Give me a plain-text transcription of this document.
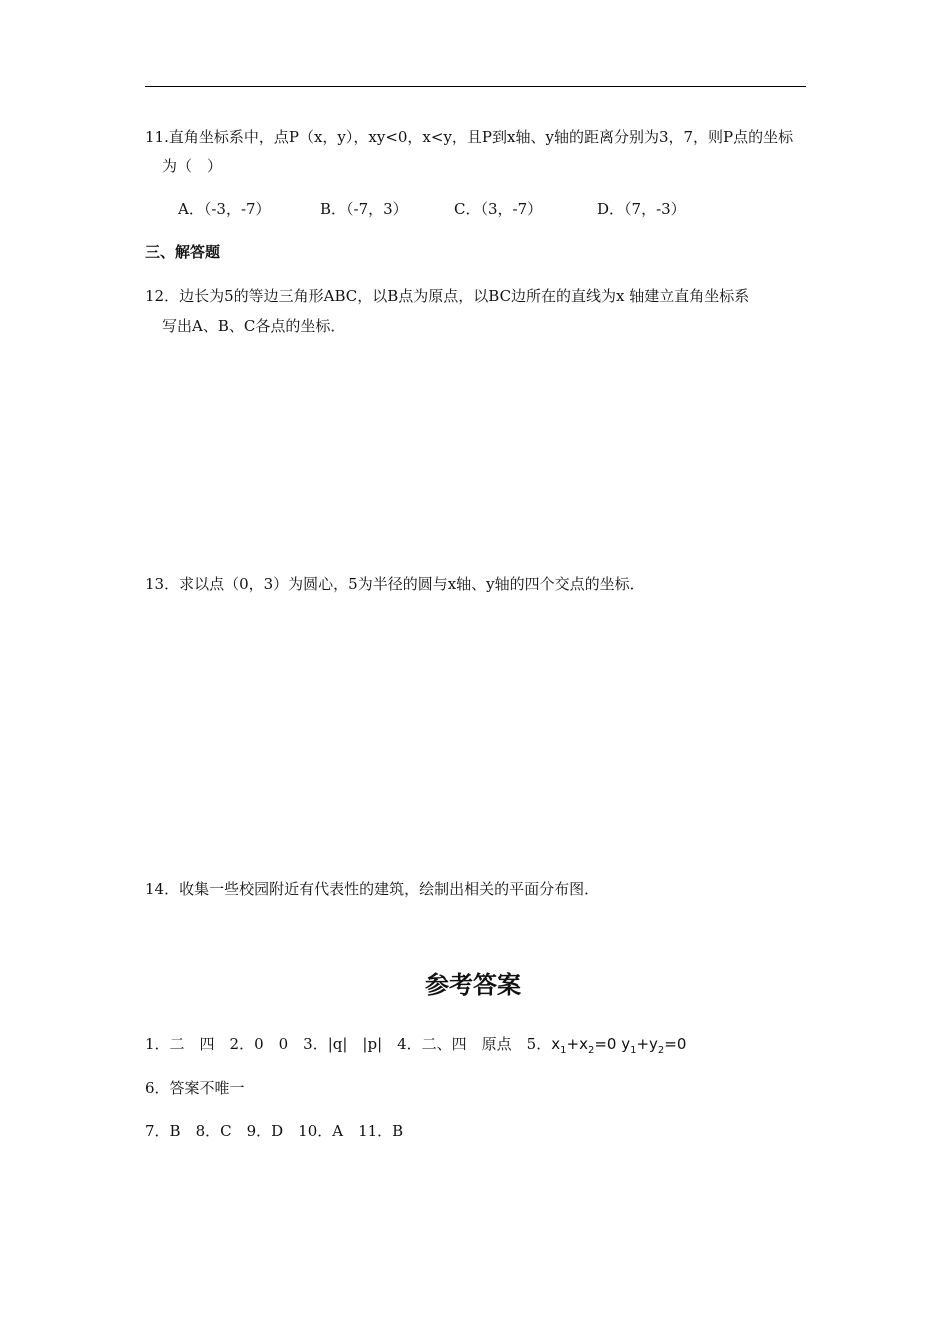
11.直角坐标系中，点P（x，y），xy<0，x<y，且P到x轴、y轴的距离分别为3，7，则P点的坐标
为（　）
A．（-3，-7）	B．（-7，3）	C．（3，-7）	D．（7，-3）
三、解答题
12．边长为5的等边三角形ABC，以B点为原点，以BC边所在的直线为x 轴建立直角坐标系
写出A、B、C各点的坐标．
13．求以点（0，3）为圆心，5为半径的圆与x轴、y轴的四个交点的坐标．
14．收集一些校园附近有代表性的建筑，绘制出相关的平面分布图．
参考答案
1．二　四　2．0　0　3．|q|　|p|　4．二、四　原点　5．$x_1+x_2=0$ $y_1+y_2=0$
6．答案不唯一
7．B　8．C　9．D　10．A　11．B
